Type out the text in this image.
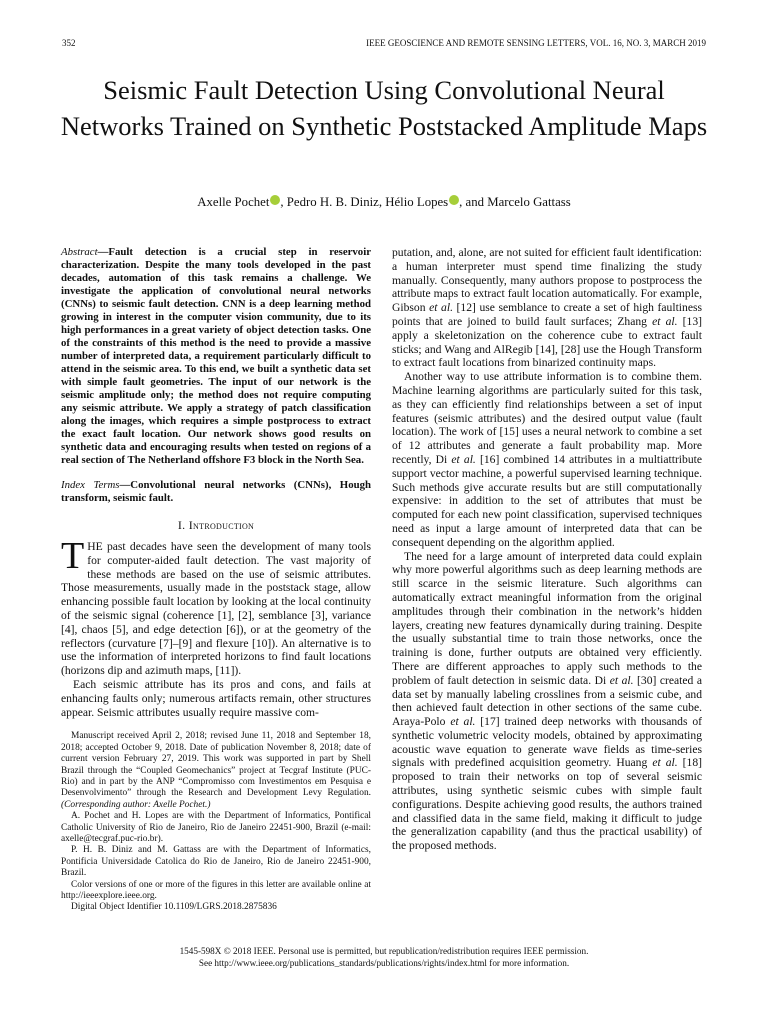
352	IEEE GEOSCIENCE AND REMOTE SENSING LETTERS, VOL. 16, NO. 3, MARCH 2019
Seismic Fault Detection Using Convolutional Neural Networks Trained on Synthetic Poststacked Amplitude Maps
Axelle Pochet , Pedro H. B. Diniz, Hélio Lopes , and Marcelo Gattass

Abstract—Fault detection is a crucial step in reservoir characterization. Despite the many tools developed in the past decades, automation of this task remains a challenge. We investigate the application of convolutional neural networks (CNNs) to seismic fault detection. CNN is a deep learning method growing in interest in the computer vision community, due to its high performances in a great variety of object detection tasks. One of the constraints of this method is the need to provide a massive number of interpreted data, a requirement particularly difficult to attend in the seismic area. To this end, we built a synthetic data set with simple fault geometries. The input of our network is the seismic amplitude only; the method does not require computing any seismic attribute. We apply a strategy of patch classification along the images, which requires a simple postprocess to extract the exact fault location. Our network shows good results on synthetic data and encouraging results when tested on regions of a real section of The Netherland offshore F3 block in the North Sea.

Index Terms—Convolutional neural networks (CNNs), Hough transform, seismic fault.

I. Introduction

THE past decades have seen the development of many tools for computer-aided fault detection. The vast majority of these methods are based on the use of seismic attributes. Those measurements, usually made in the poststack stage, allow enhancing possible fault location by looking at the local continuity of the seismic signal (coherence [1], [2], semblance [3], variance [4], chaos [5], and edge detection [6]), or at the geometry of the reflectors (curvature [7]–[9] and flexure [10]). An alternative is to use the information of interpreted horizons to find fault locations (horizons dip and azimuth maps, [11]).

Each seismic attribute has its pros and cons, and fails at enhancing faults only; numerous artifacts remain, other structures appear. Seismic attributes usually require massive com-

Manuscript received April 2, 2018; revised June 11, 2018 and September 18, 2018; accepted October 9, 2018. Date of publication November 8, 2018; date of current version February 27, 2019. This work was supported in part by Shell Brazil through the “Coupled Geomechanics” project at Tecgraf Institute (PUC-Rio) and in part by the ANP “Compromisso com Investimentos em Pesquisa e Desenvolvimento” through the Research and Development Levy Regulation. (Corresponding author: Axelle Pochet.)

A. Pochet and H. Lopes are with the Department of Informatics, Pontifical Catholic University of Rio de Janeiro, Rio de Janeiro 22451-900, Brazil (e-mail: axelle@tecgraf.puc-rio.br).

P. H. B. Diniz and M. Gattass are with the Department of Informatics, Pontificia Universidade Catolica do Rio de Janeiro, Rio de Janeiro 22451-900, Brazil.

Color versions of one or more of the figures in this letter are available online at http://ieeexplore.ieee.org.

Digital Object Identifier 10.1109/LGRS.2018.2875836

putation, and, alone, are not suited for efficient fault identification: a human interpreter must spend time finalizing the study manually. Consequently, many authors propose to postprocess the attribute maps to extract fault location automatically. For example, Gibson et al. [12] use semblance to create a set of high faultiness points that are joined to build fault surfaces; Zhang et al. [13] apply a skeletonization on the coherence cube to extract fault sticks; and Wang and AlRegib [14], [28] use the Hough Transform to extract fault locations from binarized continuity maps.

Another way to use attribute information is to combine them. Machine learning algorithms are particularly suited for this task, as they can efficiently find relationships between a set of input features (seismic attributes) and the desired output value (fault location). The work of [15] uses a neural network to combine a set of 12 attributes and generate a fault probability map. More recently, Di et al. [16] combined 14 attributes in a multiattribute support vector machine, a powerful supervised learning technique. Such methods give accurate results but are still computationally expensive: in addition to the set of attributes that must be computed for each new point classification, supervised techniques need as input a large amount of interpreted data that can be consequent depending on the algorithm applied.

The need for a large amount of interpreted data could explain why more powerful algorithms such as deep learning methods are still scarce in the seismic literature. Such algorithms can automatically extract meaningful information from the original amplitudes through their combination in the network’s hidden layers, creating new features dynamically during training. Despite the usually substantial time to train those networks, once the training is done, further outputs are obtained very efficiently. There are different approaches to apply such methods to the problem of fault detection in seismic data. Di et al. [30] created a data set by manually labeling crosslines from a seismic cube, and then achieved fault detection in other sections of the same cube. Araya-Polo et al. [17] trained deep networks with thousands of synthetic volumetric velocity models, obtained by approximating acoustic wave equation to generate wave fields as time-series signals with predefined acquisition geometry. Huang et al. [18] proposed to train their networks on top of several seismic attributes, using synthetic seismic cubes with simple fault configurations. Despite achieving good results, the authors trained and classified data in the same field, making it difficult to judge the generalization capability (and thus the practical usability) of the proposed methods.

1545-598X © 2018 IEEE. Personal use is permitted, but republication/redistribution requires IEEE permission.
See http://www.ieee.org/publications_standards/publications/rights/index.html for more information.
